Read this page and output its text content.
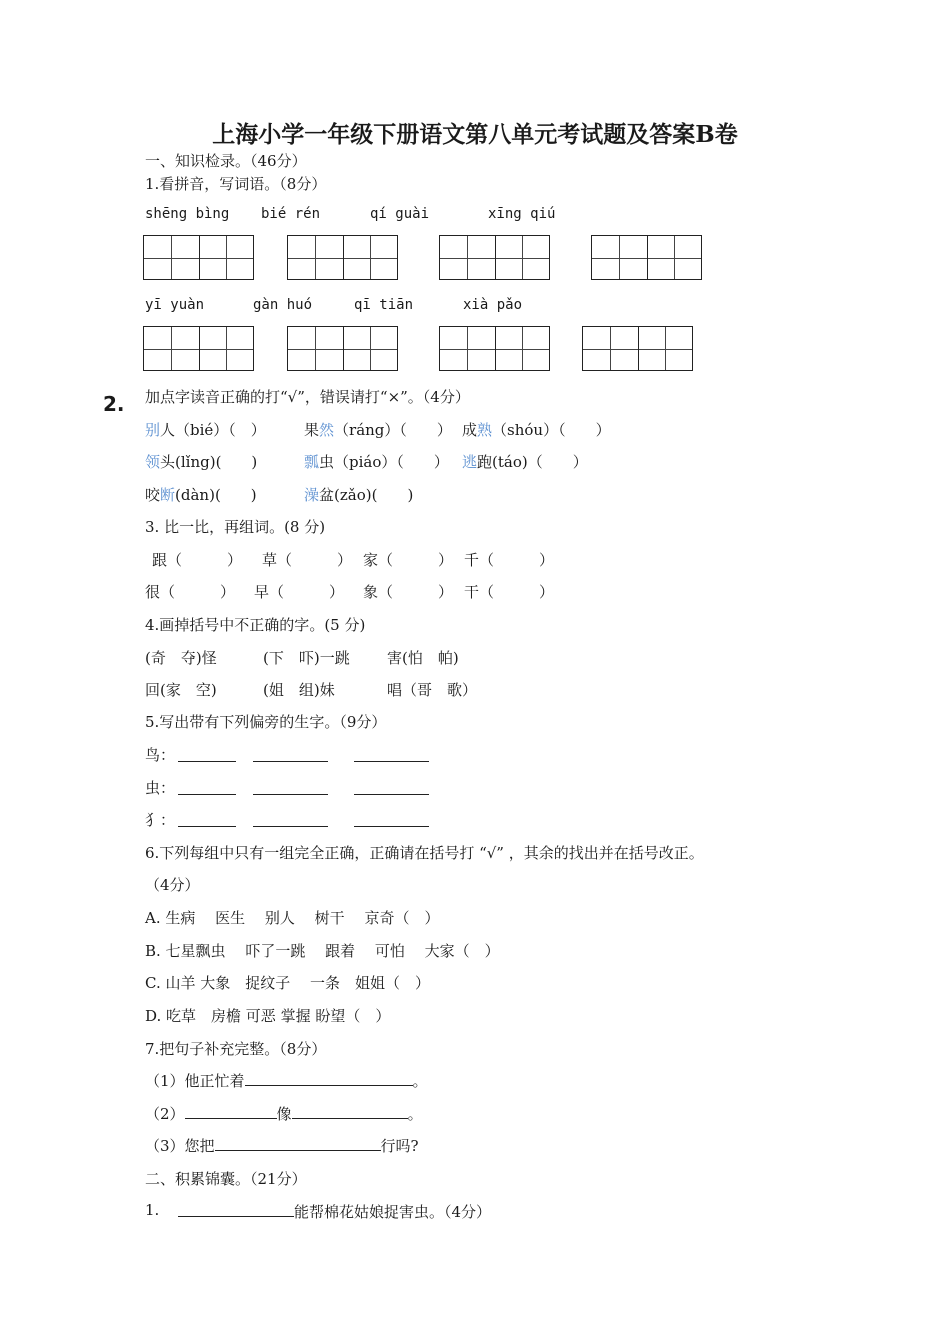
上海小学一年级下册语文第八单元考试题及答案B卷
一、知识检录。（46分）
1.看拼音，写词语。（8分）
shēng bìng bié rén	qí guài	xīng qiú
yī yuàn	gàn huó	qī tiān	xià pǎo
2. 加点字读音正确的打“√”，错误请打“×”。（4分）
别人（bié）（　）	果然（ráng）（　　） 成熟（shóu）（　　）
领头(lǐng)(　　)	瓢虫（piáo）（　　） 逃跑(táo)（　　）
咬断(dàn)(　　)	澡盆(zǎo)(　　)
3. 比一比，再组词。(8 分)
跟（　　　） 草（　　　） 家（　　　） 千（　　　）
很（　　　） 早（　　　） 象（　　　） 干（　　　）
4.画掉括号中不正确的字。(5 分)
(奇　夺)怪	(下　吓)一跳 害(怕　帕)
回(家　空)	(姐　组)妹	唱（哥　歌）
5.写出带有下列偏旁的生字。（9分）
鸟：
虫：
犭：
6.下列每组中只有一组完全正确，正确请在括号打 “√” ，其余的找出并在括号改正。
（4分）
A. 生病　 医生　 别人　 树干　 京奇（　）
B. 七星飘虫　 吓了一跳　 跟着　 可怕　 大家（　）
C. 山羊 大象　捉纹子　 一条　姐姐（　）
D. 吃草　房檐 可恶 掌握 盼望（　）
7.把句子补充完整。（8分）
（1）他正忙着	。
（2）	像	。
（3）您把	行吗?
二、积累锦囊。（21分）
1.	能帮棉花姑娘捉害虫。（4分）
